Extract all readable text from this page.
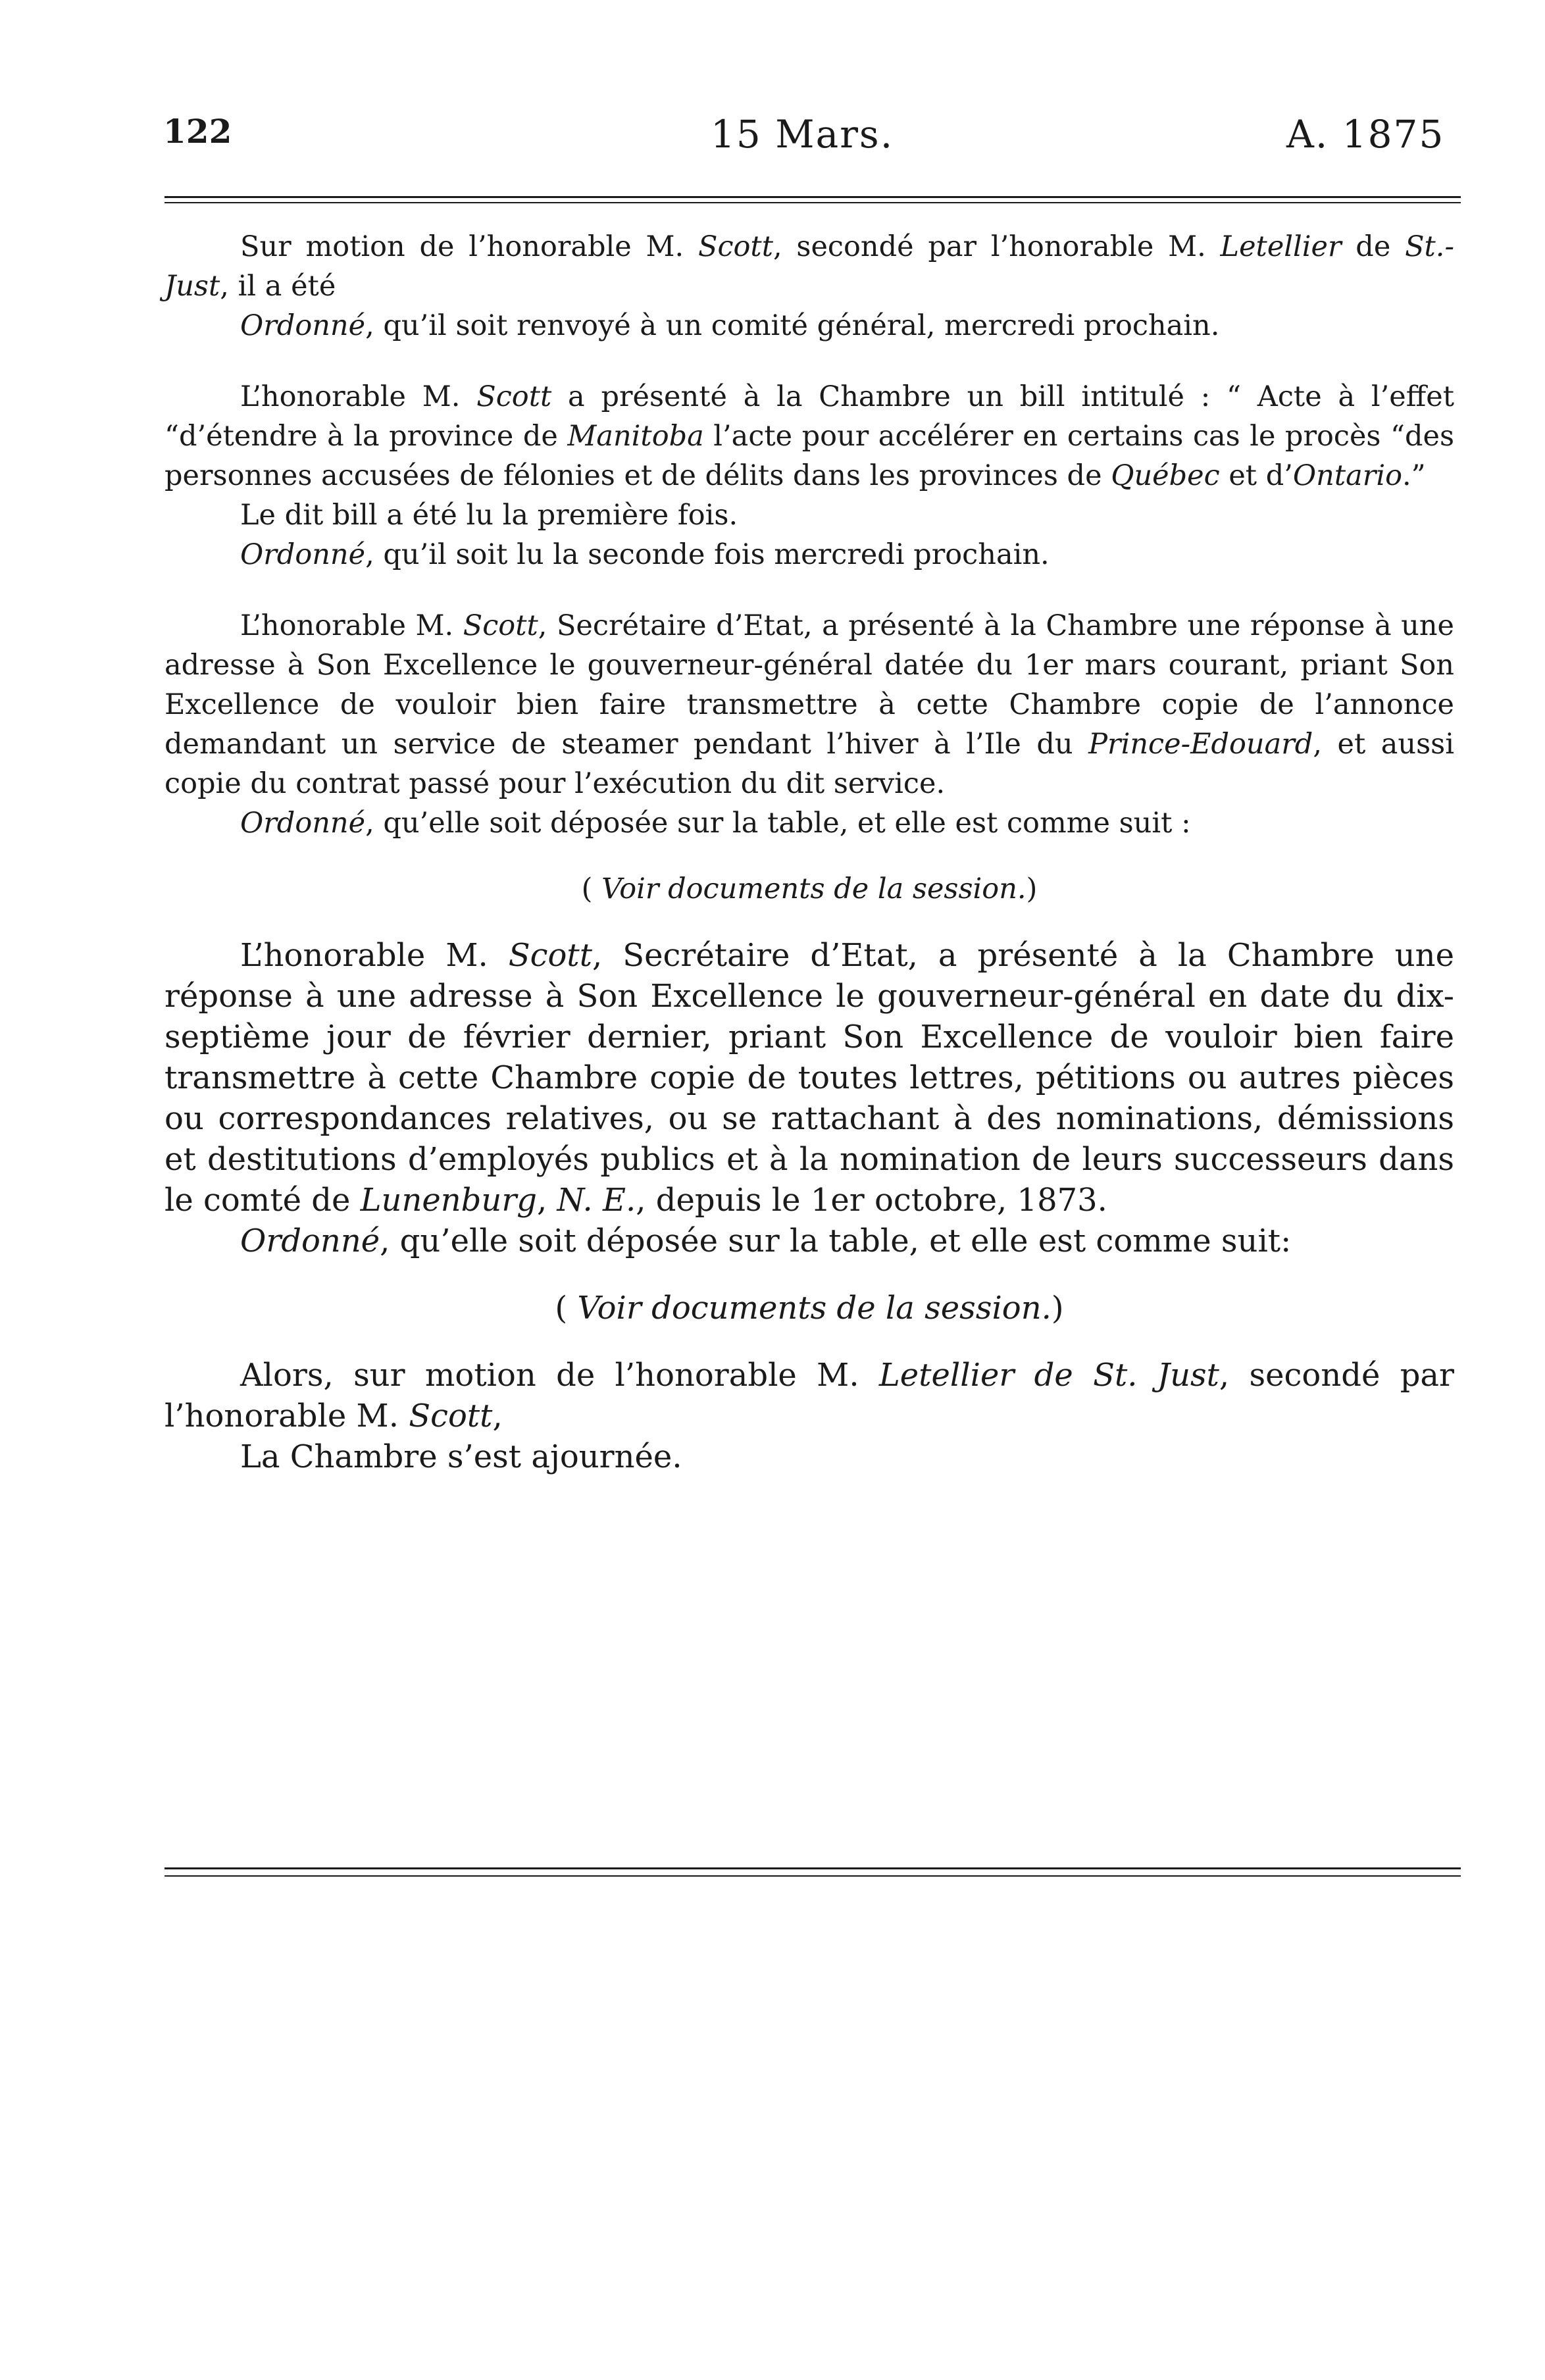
122	15 Mars.	A. 1875

Sur motion de l’honorable M. Scott, secondé par l’honorable M. Letellier de St.-Just, il a été

Ordonné, qu’il soit renvoyé à un comité général, mercredi prochain.

L’honorable M. Scott a présenté à la Chambre un bill intitulé : “ Acte à l’effet “d’étendre à la province de Manitoba l’acte pour accélérer en certains cas le procès “des personnes accusées de félonies et de délits dans les provinces de Québec et d’Ontario.”

Le dit bill a été lu la première fois.

Ordonné, qu’il soit lu la seconde fois mercredi prochain.

L’honorable M. Scott, Secrétaire d’Etat, a présenté à la Chambre une réponse à une adresse à Son Excellence le gouverneur-général datée du 1er mars courant, priant Son Excellence de vouloir bien faire transmettre à cette Chambre copie de l’annonce demandant un service de steamer pendant l’hiver à l’Ile du Prince-Edouard, et aussi copie du contrat passé pour l’exécution du dit service.

Ordonné, qu’elle soit déposée sur la table, et elle est comme suit :

( Voir documents de la session.)

L’honorable M. Scott, Secrétaire d’Etat, a présenté à la Chambre une réponse à une adresse à Son Excellence le gouverneur-général en date du dix-septième jour de février dernier, priant Son Excellence de vouloir bien faire transmettre à cette Chambre copie de toutes lettres, pétitions ou autres pièces ou correspondances relatives, ou se rattachant à des nominations, démissions et destitutions d’employés publics et à la nomination de leurs successeurs dans le comté de Lunenburg, N. E., depuis le 1er octobre, 1873.

Ordonné, qu’elle soit déposée sur la table, et elle est comme suit:

( Voir documents de la session.)

Alors, sur motion de l’honorable M. Letellier de St. Just, secondé par l’honorable M. Scott,

La Chambre s’est ajournée.
